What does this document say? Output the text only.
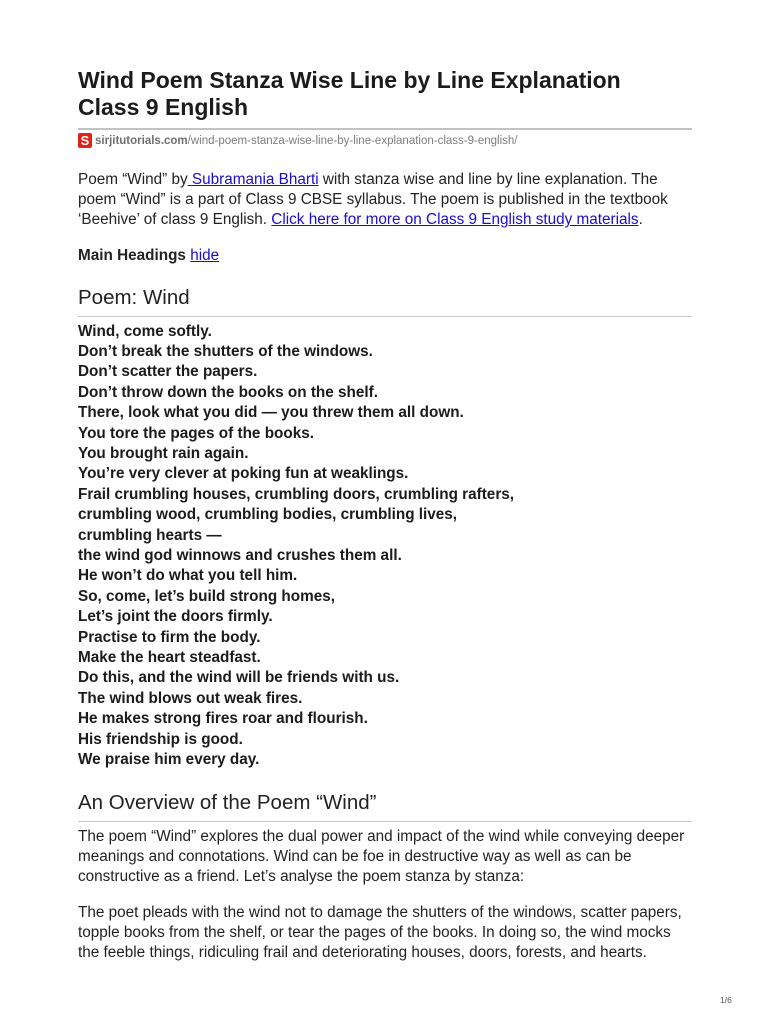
Wind Poem Stanza Wise Line by Line Explanation
Class 9 English
S sirjitutorials.com /wind-poem-stanza-wise-line-by-line-explanation-class-9-english/

Poem “Wind” by Subramania Bharti with stanza wise and line by line explanation. The
poem “Wind” is a part of Class 9 CBSE syllabus. The poem is published in the textbook
‘Beehive’ of class 9 English. Click here for more on Class 9 English study materials.

Main Headings hide
Poem: Wind
Wind, come softly.
Don’t break the shutters of the windows.
Don’t scatter the papers.
Don’t throw down the books on the shelf.
There, look what you did — you threw them all down.
You tore the pages of the books.
You brought rain again.
You’re very clever at poking fun at weaklings.
Frail crumbling houses, crumbling doors, crumbling rafters,
crumbling wood, crumbling bodies, crumbling lives,
crumbling hearts —
the wind god winnows and crushes them all.
He won’t do what you tell him.
So, come, let’s build strong homes,
Let’s joint the doors firmly.
Practise to firm the body.
Make the heart steadfast.
Do this, and the wind will be friends with us.
The wind blows out weak fires.
He makes strong fires roar and flourish.
His friendship is good.
We praise him every day.
An Overview of the Poem “Wind”

The poem “Wind” explores the dual power and impact of the wind while conveying deeper
meanings and connotations. Wind can be foe in destructive way as well as can be
constructive as a friend. Let’s analyse the poem stanza by stanza:

The poet pleads with the wind not to damage the shutters of the windows, scatter papers,
topple books from the shelf, or tear the pages of the books. In doing so, the wind mocks
the feeble things, ridiculing frail and deteriorating houses, doors, forests, and hearts.

1/6
